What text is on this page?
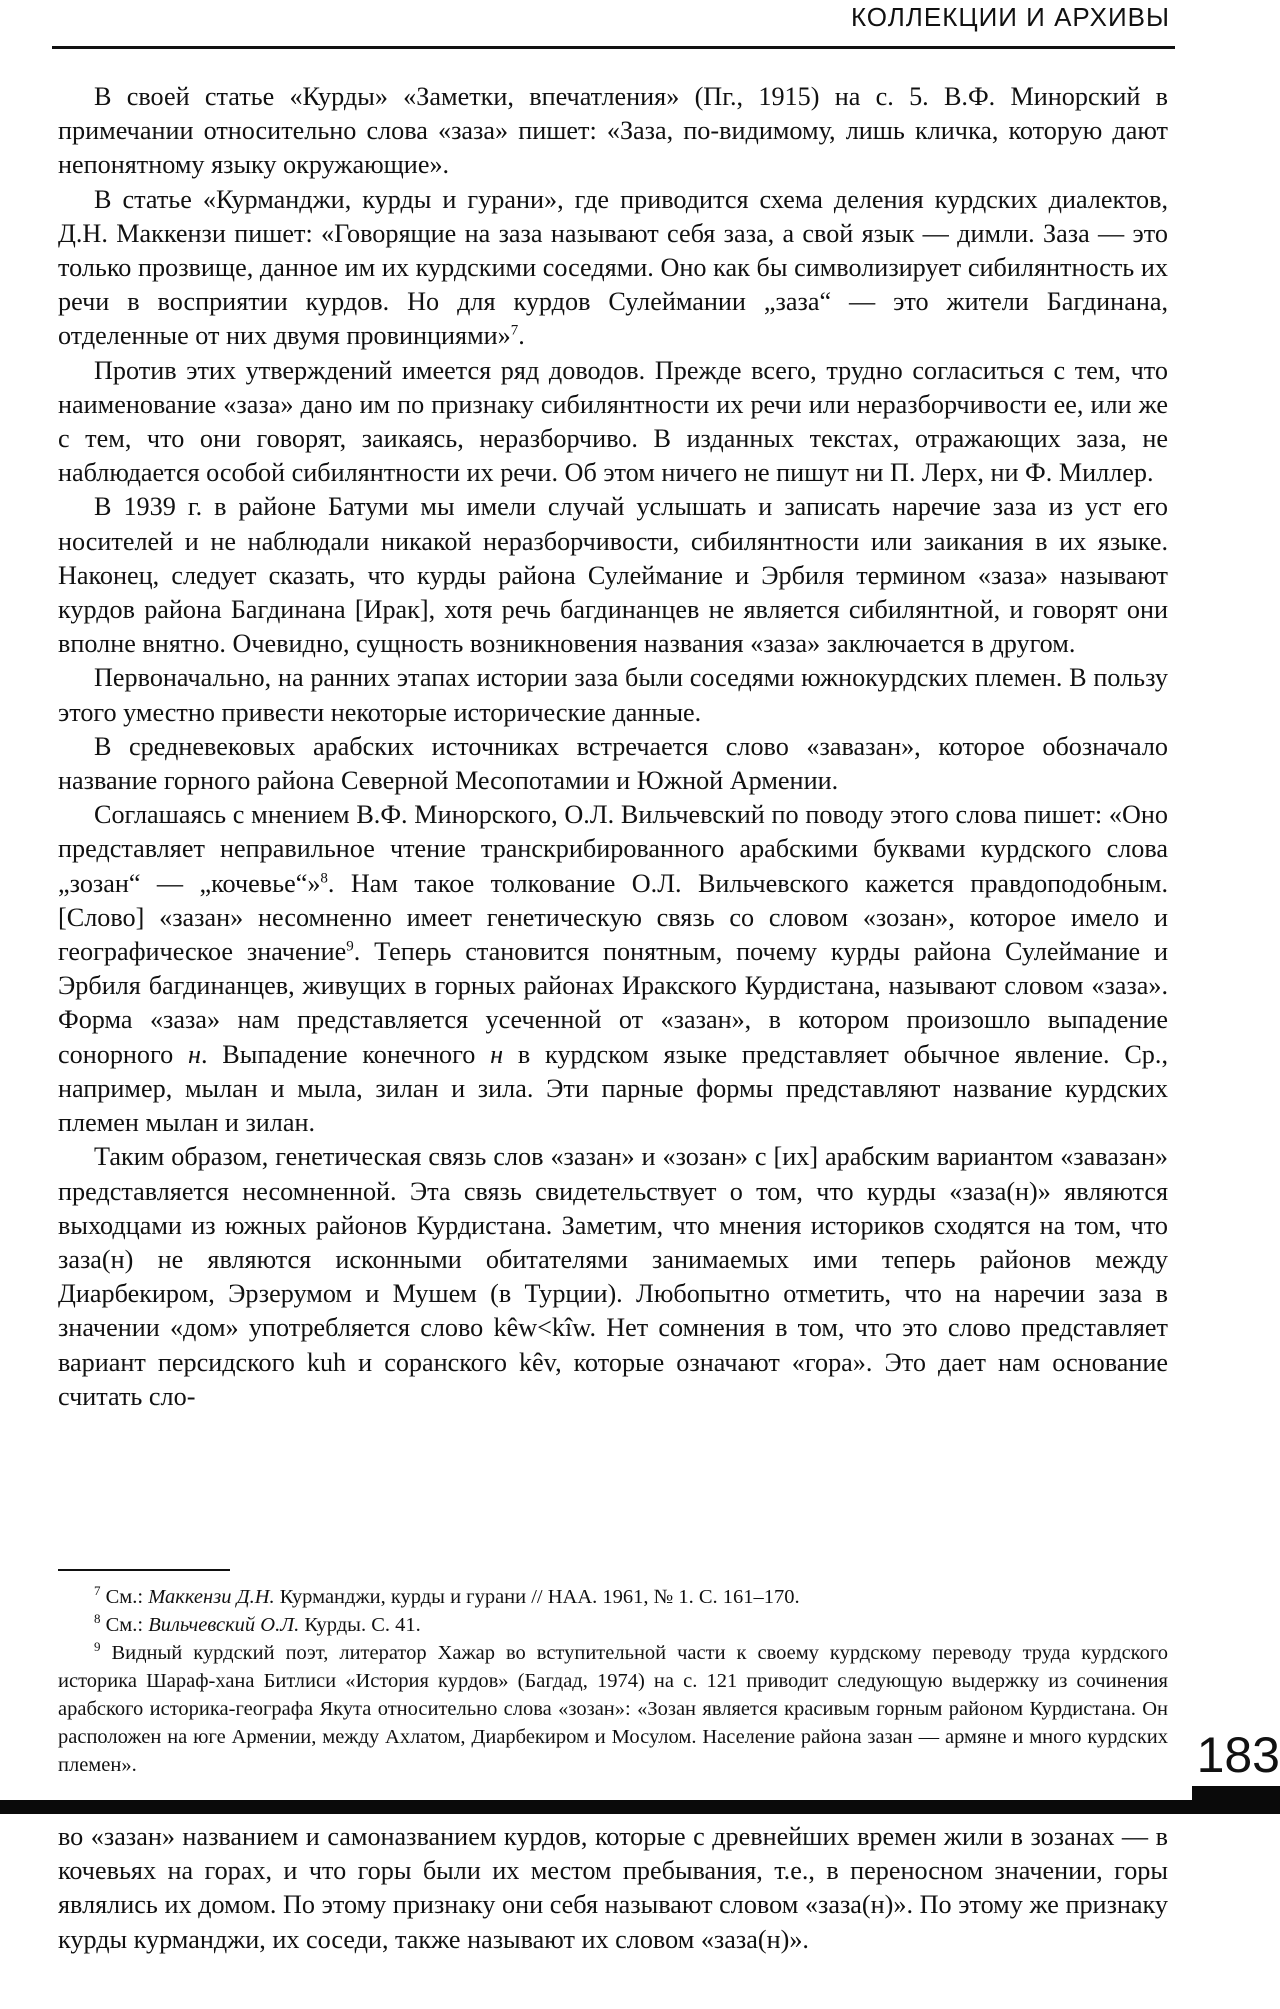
КОЛЛЕКЦИИ И АРХИВЫ

В своей статье «Курды» «Заметки, впечатления» (Пг., 1915) на с. 5. В.Ф. Минорский в примечании относительно слова «заза» пишет: «Заза, по-видимому, лишь кличка, которую дают непонятному языку окружающие».

В статье «Курманджи, курды и гурани», где приводится схема деления курдских диалектов, Д.Н. Маккензи пишет: «Говорящие на заза называют себя заза, а свой язык — димли. Заза — это только прозвище, данное им их курдскими соседями. Оно как бы символизирует сибилянтность их речи в восприятии курдов. Но для курдов Сулеймании „заза“ — это жители Багдинана, отделенные от них двумя провинциями»$^7$.

Против этих утверждений имеется ряд доводов. Прежде всего, трудно согласиться с тем, что наименование «заза» дано им по признаку сибилянтности их речи или неразборчивости ее, или же с тем, что они говорят, заикаясь, неразборчиво. В изданных текстах, отражающих заза, не наблюдается особой сибилянтности их речи. Об этом ничего не пишут ни П. Лерх, ни Ф. Миллер.

В 1939 г. в районе Батуми мы имели случай услышать и записать наречие заза из уст его носителей и не наблюдали никакой неразборчивости, сибилянтности или заикания в их языке. Наконец, следует сказать, что курды района Сулеймание и Эрбиля термином «заза» называют курдов района Багдинана [Ирак], хотя речь багдинанцев не является сибилянтной, и говорят они вполне внятно. Очевидно, сущность возникновения названия «заза» заключается в другом.

Первоначально, на ранних этапах истории заза были соседями южнокурдских племен. В пользу этого уместно привести некоторые исторические данные.

В средневековых арабских источниках встречается слово «завазан», которое обозначало название горного района Северной Месопотамии и Южной Армении.

Соглашаясь с мнением В.Ф. Минорского, О.Л. Вильчевский по поводу этого слова пишет: «Оно представляет неправильное чтение транскрибированного арабскими буквами курдского слова „зозан“ — „кочевье“»$^8$. Нам такое толкование О.Л. Вильчевского кажется правдоподобным. [Слово] «зазан» несомненно имеет генетическую связь со словом «зозан», которое имело и географическое значение$^9$. Теперь становится понятным, почему курды района Сулеймание и Эрбиля багдинанцев, живущих в горных районах Иракского Курдистана, называют словом «заза». Форма «заза» нам представляется усеченной от «зазан», в котором произошло выпадение сонорного н. Выпадение конечного н в курдском языке представляет обычное явление. Ср., например, мылан и мыла, зилан и зила. Эти парные формы представляют название курдских племен мылан и зилан.

Таким образом, генетическая связь слов «зазан» и «зозан» с [их] арабским вариантом «завазан» представляется несомненной. Эта связь свидетельствует о том, что курды «заза(н)» являются выходцами из южных районов Курдистана. Заметим, что мнения историков сходятся на том, что заза(н) не являются исконными обитателями занимаемых ими теперь районов между Диарбекиром, Эрзерумом и Мушем (в Турции). Любопытно отметить, что на наречии заза в значении «дом» употребляется слово kêw<kîw. Нет сомнения в том, что это слово представляет вариант персидского kuh и соранского kêv, которые означают «гора». Это дает нам основание считать сло-

$^7$ См.: Маккензи Д.Н. Курманджи, курды и гурани // НАА. 1961, № 1. С. 161–170.

$^8$ См.: Вильчевский О.Л. Курды. С. 41.

$^9$ Видный курдский поэт, литератор Хажар во вступительной части к своему курдскому переводу труда курдского историка Шараф-хана Битлиси «История курдов» (Багдад, 1974) на с. 121 приводит следующую выдержку из сочинения арабского историка-географа Якута относительно слова «зозан»: «Зозан является красивым горным районом Курдистана. Он расположен на юге Армении, между Ахлатом, Диарбекиром и Мосулом. Население района зазан — армяне и много курдских племен».	183

во «зазан» названием и самоназванием курдов, которые с древнейших времен жили в зозанах — в кочевьях на горах, и что горы были их местом пребывания, т.е., в переносном значении, горы являлись их домом. По этому признаку они себя называют словом «заза(н)». По этому же признаку курды курманджи, их соседи, также называют их словом «заза(н)».
